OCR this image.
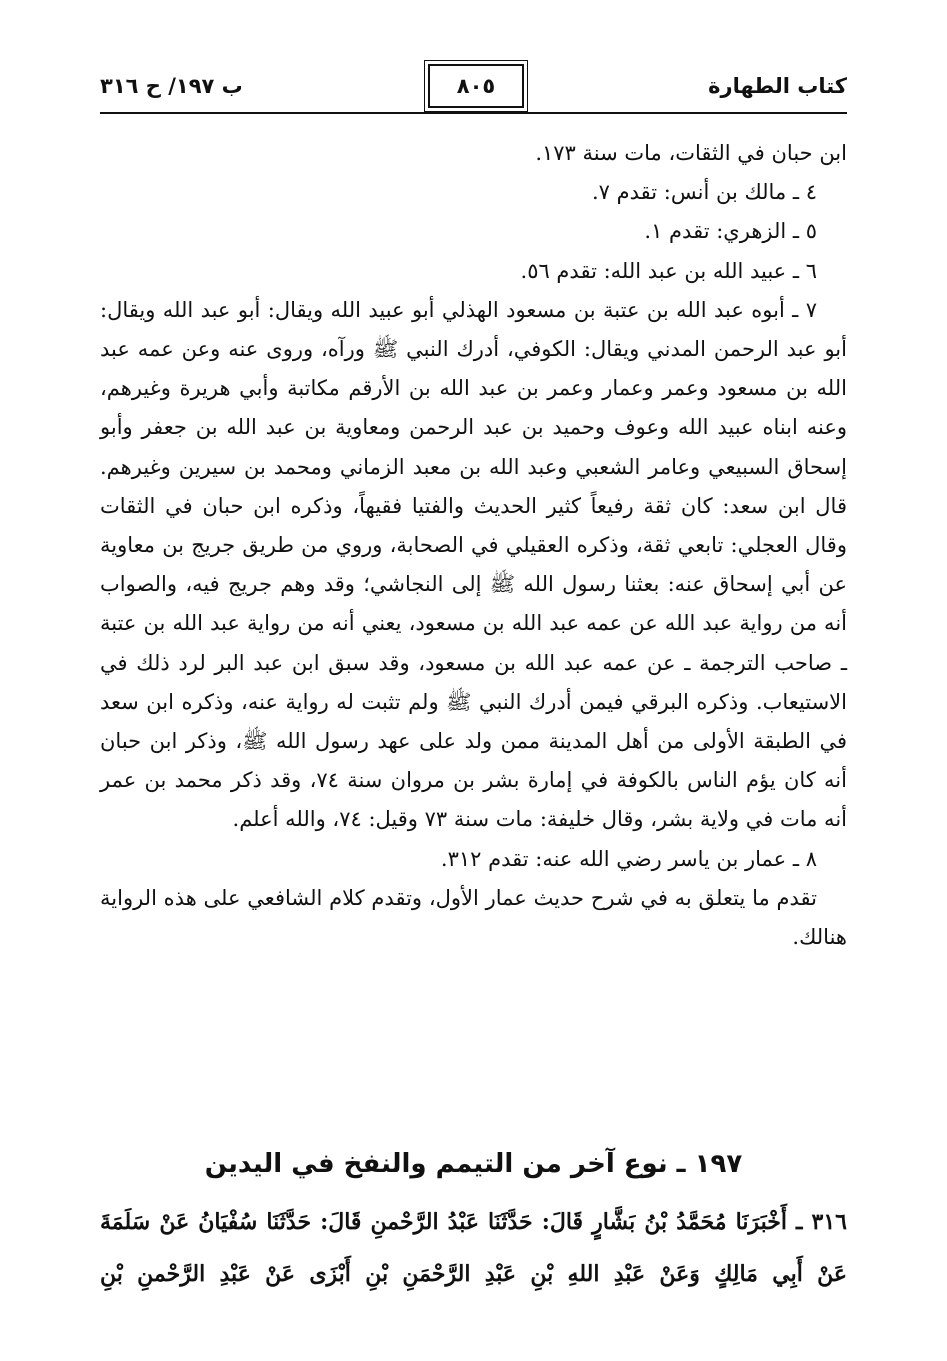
كتاب الطهارة
٨٠٥
ب ١٩٧/ ح ٣١٦

ابن حبان في الثقات، مات سنة ١٧٣.

٤ ـ مالك بن أنس: تقدم ٧.

٥ ـ الزهري: تقدم ١.

٦ ـ عبيد الله بن عبد الله: تقدم ٥٦.

٧ ـ أبوه عبد الله بن عتبة بن مسعود الهذلي أبو عبيد الله ويقال: أبو عبد الله ويقال: أبو عبد الرحمن المدني ويقال: الكوفي، أدرك النبي ﷺ ورآه، وروى عنه وعن عمه عبد الله بن مسعود وعمر وعمار وعمر بن عبد الله بن الأرقم مكاتبة وأبي هريرة وغيرهم، وعنه ابناه عبيد الله وعوف وحميد بن عبد الرحمن ومعاوية بن عبد الله بن جعفر وأبو إسحاق السبيعي وعامر الشعبي وعبد الله بن معبد الزماني ومحمد بن سيرين وغيرهم. قال ابن سعد: كان ثقة رفيعاً كثير الحديث والفتيا فقيهاً، وذكره ابن حبان في الثقات وقال العجلي: تابعي ثقة، وذكره العقيلي في الصحابة، وروي من طريق جريج بن معاوية عن أبي إسحاق عنه: بعثنا رسول الله ﷺ إلى النجاشي؛ وقد وهم جريج فيه، والصواب أنه من رواية عبد الله عن عمه عبد الله بن مسعود، يعني أنه من رواية عبد الله بن عتبة ـ صاحب الترجمة ـ عن عمه عبد الله بن مسعود، وقد سبق ابن عبد البر لرد ذلك في الاستيعاب. وذكره البرقي فيمن أدرك النبي ﷺ ولم تثبت له رواية عنه، وذكره ابن سعد في الطبقة الأولى من أهل المدينة ممن ولد على عهد رسول الله ﷺ، وذكر ابن حبان أنه كان يؤم الناس بالكوفة في إمارة بشر بن مروان سنة ٧٤، وقد ذكر محمد بن عمر أنه مات في ولاية بشر، وقال خليفة: مات سنة ٧٣ وقيل: ٧٤، والله أعلم.

٨ ـ عمار بن ياسر رضي الله عنه: تقدم ٣١٢.

تقدم ما يتعلق به في شرح حديث عمار الأول، وتقدم كلام الشافعي على هذه الرواية هنالك.

١٩٧ ـ نوع آخر من التيمم والنفخ في اليدين

٣١٦ ـ أَخْبَرَنَا مُحَمَّدُ بْنُ بَشَّارٍ قَالَ: حَدَّثَنَا عَبْدُ الرَّحْمنِ قَالَ: حَدَّثَنَا سُفْيَانُ عَنْ سَلَمَةَ عَنْ أَبِي مَالِكٍ وَعَنْ عَبْدِ اللهِ بْنِ عَبْدِ الرَّحْمَنِ بْنِ أَبْزَى عَنْ عَبْدِ الرَّحْمنِ بْنِ
